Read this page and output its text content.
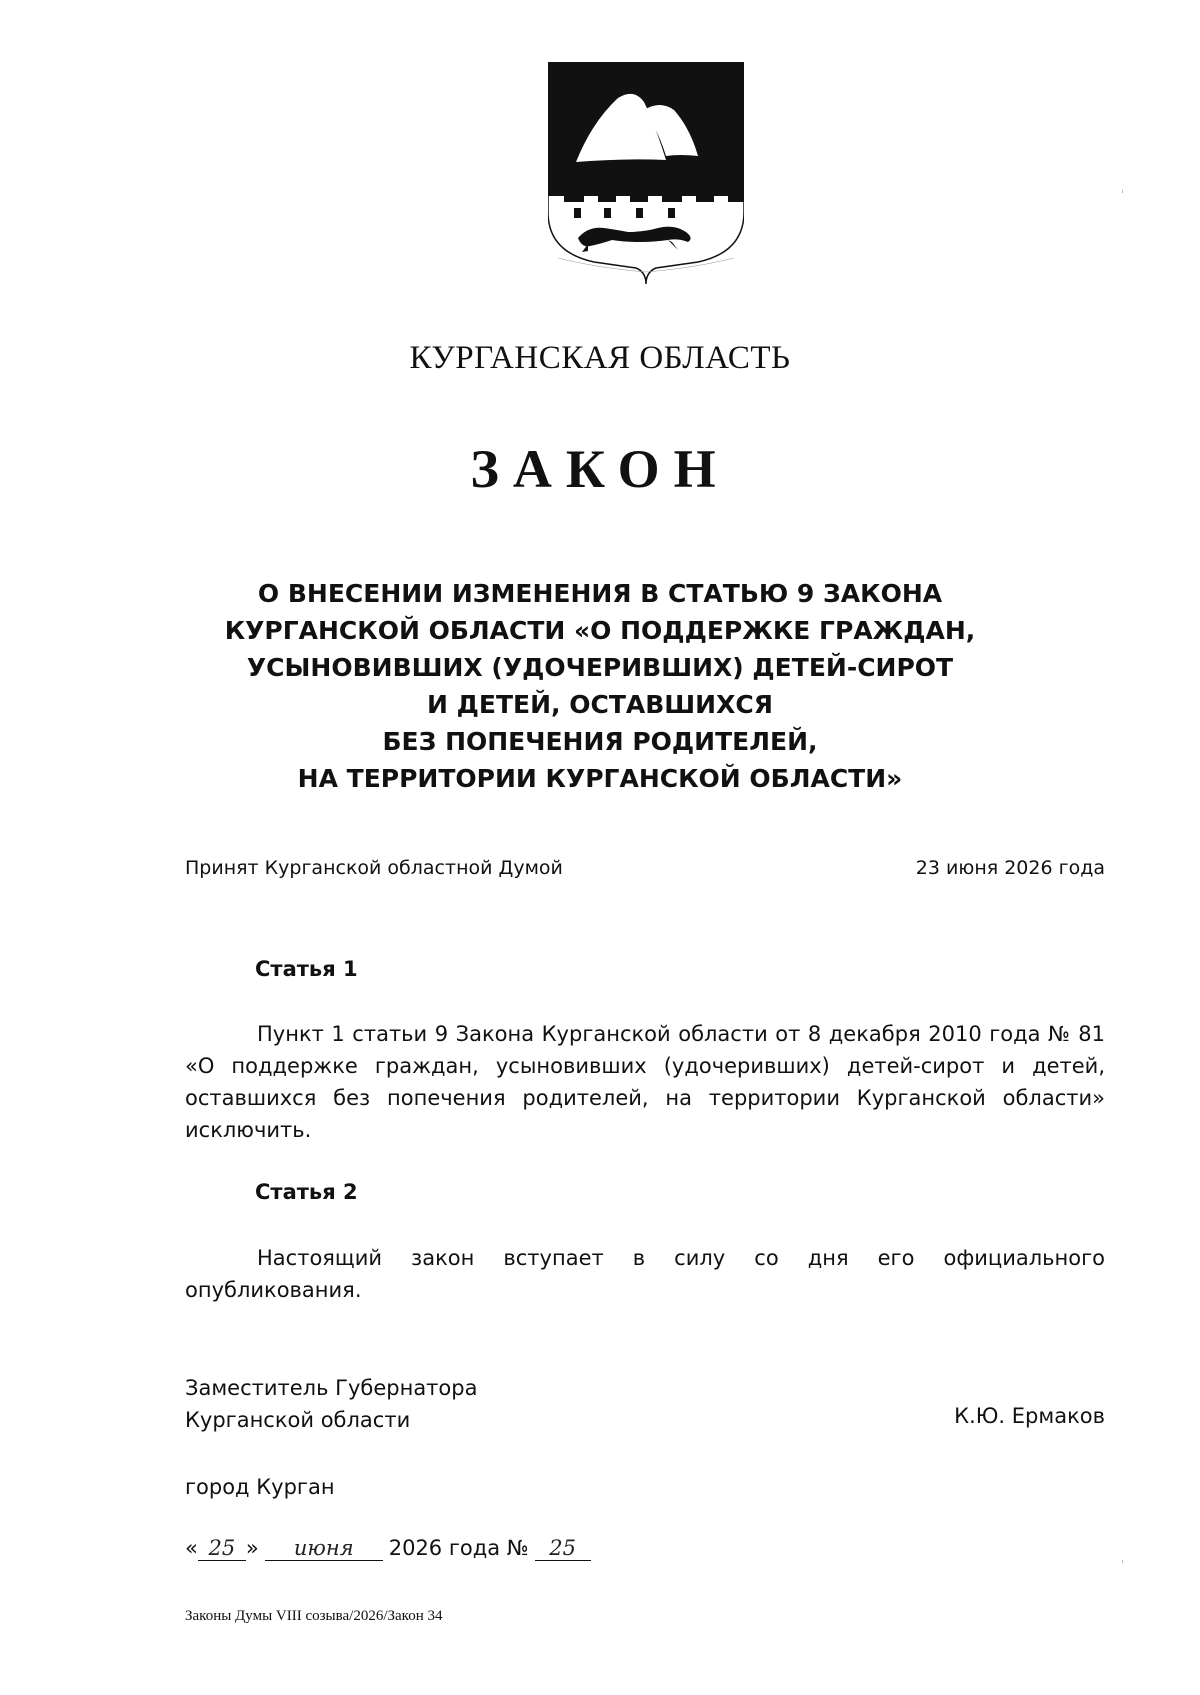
КУРГАНСКАЯ ОБЛАСТЬ
ЗАКОН
О ВНЕСЕНИИ ИЗМЕНЕНИЯ В СТАТЬЮ 9 ЗАКОНА
КУРГАНСКОЙ ОБЛАСТИ «О ПОДДЕРЖКЕ ГРАЖДАН,
УСЫНОВИВШИХ (УДОЧЕРИВШИХ) ДЕТЕЙ-СИРОТ
И ДЕТЕЙ, ОСТАВШИХСЯ
БЕЗ ПОПЕЧЕНИЯ РОДИТЕЛЕЙ,
НА ТЕРРИТОРИИ КУРГАНСКОЙ ОБЛАСТИ»
Принят Курганской областной Думой	23 июня 2026 года
Статья 1
Пункт 1 статьи 9 Закона Курганской области от 8 декабря 2010 года № 81 «О поддержке граждан, усыновивших (удочеривших) детей-сирот и детей, оставшихся без попечения родителей, на территории Курганской области» исключить.
Статья 2
Настоящий закон вступает в силу со дня его официального опубликования.
Заместитель Губернатора
Курганской области	К.Ю. Ермаков
город Курган
« 25 » июня 2026 года № 25
Законы Думы VIII созыва/2026/Закон 34
